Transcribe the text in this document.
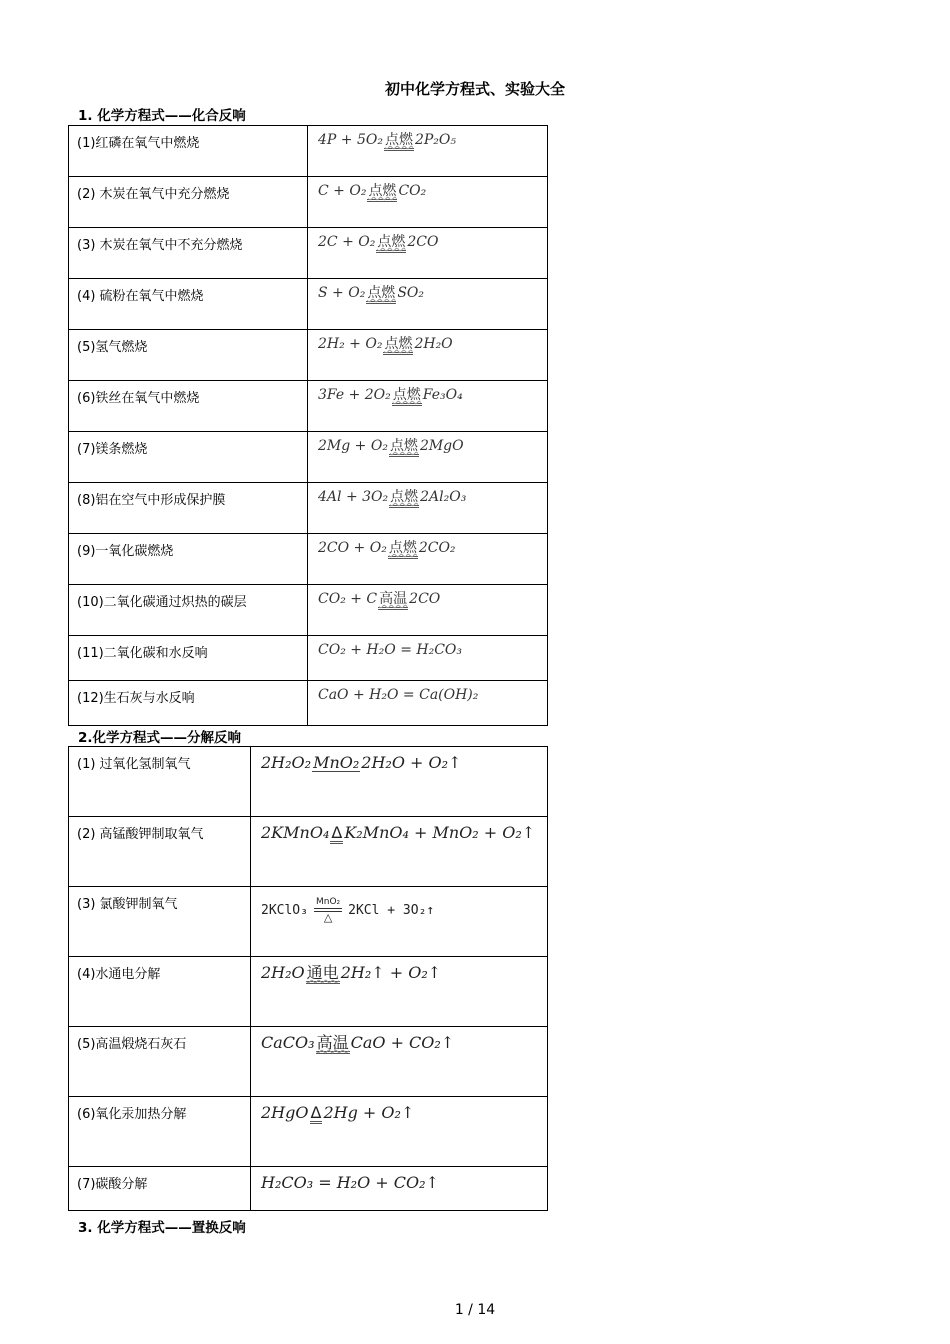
初中化学方程式、实验大全
1. 化学方程式——化合反响
(1)红磷在氧气中燃烧	4P + 5O₂ 点燃 2P₂O₅
(2) 木炭在氧气中充分燃烧	C + O₂ 点燃 CO₂
(3) 木炭在氧气中不充分燃烧	2C + O₂ 点燃 2CO
(4) 硫粉在氧气中燃烧	S + O₂ 点燃 SO₂
(5)氢气燃烧	2H₂ + O₂ 点燃 2H₂O
(6)铁丝在氧气中燃烧	3Fe + 2O₂ 点燃 Fe₃O₄
(7)镁条燃烧	2Mg + O₂ 点燃 2MgO
(8)铝在空气中形成保护膜	4Al + 3O₂ 点燃 2Al₂O₃
(9)一氧化碳燃烧	2CO + O₂ 点燃 2CO₂
(10)二氧化碳通过炽热的碳层	CO₂ + C 高温 2CO
(11)二氧化碳和水反响	CO₂ + H₂O = H₂CO₃
(12)生石灰与水反响	CaO + H₂O = Ca(OH)₂
2.化学方程式——分解反响
(1) 过氧化氢制氧气	2H₂O₂ MnO₂ 2H₂O + O₂↑
(2) 高锰酸钾制取氧气	2KMnO₄ Δ K₂MnO₄ + MnO₂ + O₂↑
(3) 氯酸钾制氧气	2KClO₃
MnO₂
△ 2KCl + 3O₂↑
(4)水通电分解	2H₂O 通电 2H₂↑ + O₂↑
(5)高温煅烧石灰石	CaCO₃ 高温 CaO + CO₂↑
(6)氧化汞加热分解	2HgO Δ 2Hg + O₂↑
(7)碳酸分解	H₂CO₃ = H₂O + CO₂↑
3. 化学方程式——置换反响
1 / 14
